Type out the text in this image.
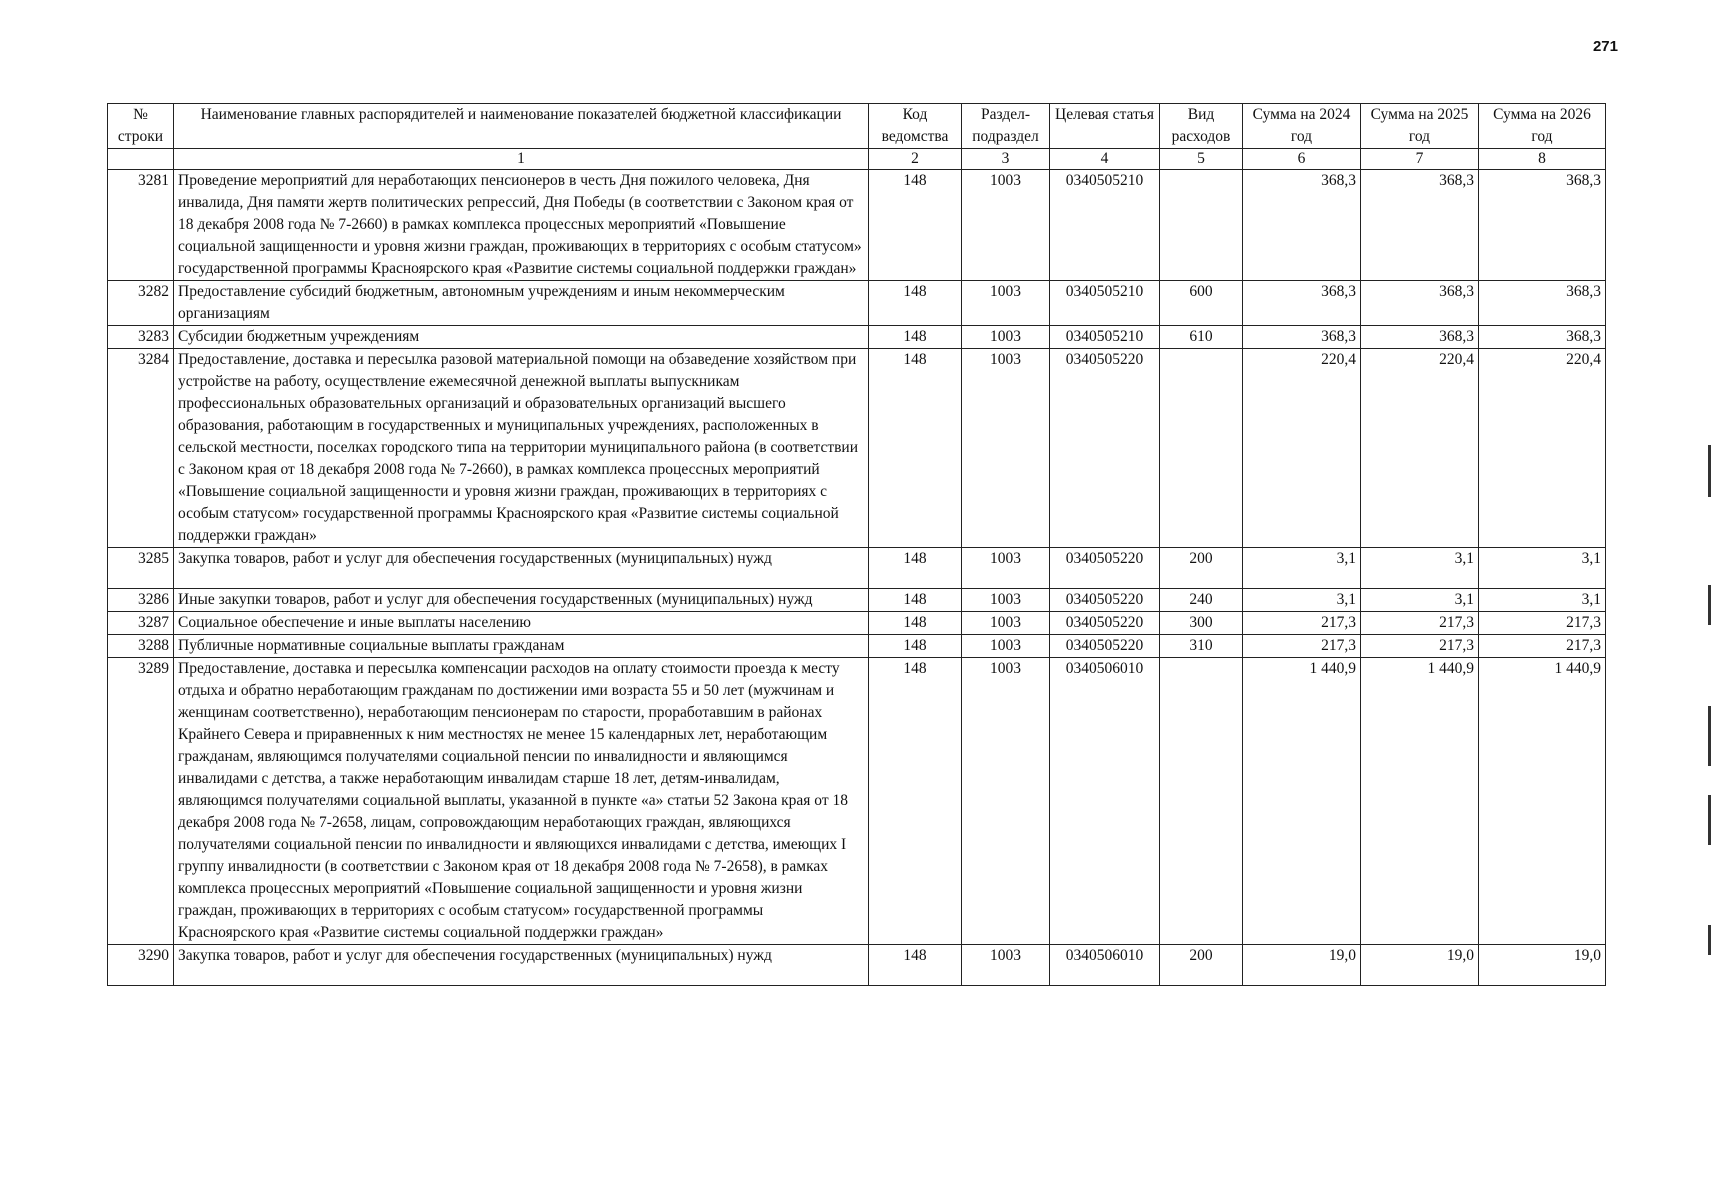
271
№ строки	Наименование главных распорядителей и наименование показателей бюджетной классификации	Код ведомства	Раздел-подраздел	Целевая статья	Вид расходов	Сумма на 2024 год	Сумма на 2025 год	Сумма на 2026 год
	1	2	3	4	5	6	7	8
3281	Проведение мероприятий для неработающих пенсионеров в честь Дня пожилого человека, Дня инвалида, Дня памяти жертв политических репрессий, Дня Победы (в соответствии с Законом края от 18 декабря 2008 года № 7-2660) в рамках комплекса процессных мероприятий «Повышение социальной защищенности и уровня жизни граждан, проживающих в территориях с особым статусом» государственной программы Красноярского края «Развитие системы социальной поддержки граждан»	148	1003	0340505210		368,3	368,3	368,3
3282	Предоставление субсидий бюджетным, автономным учреждениям и иным некоммерческим организациям	148	1003	0340505210	600	368,3	368,3	368,3
3283	Субсидии бюджетным учреждениям	148	1003	0340505210	610	368,3	368,3	368,3
3284	Предоставление, доставка и пересылка разовой материальной помощи на обзаведение хозяйством при устройстве на работу, осуществление ежемесячной денежной выплаты выпускникам профессиональных образовательных организаций и образовательных организаций высшего образования, работающим в государственных и муниципальных учреждениях, расположенных в сельской местности, поселках городского типа на территории муниципального района (в соответствии с Законом края от 18 декабря 2008 года № 7-2660), в рамках комплекса процессных мероприятий «Повышение социальной защищенности и уровня жизни граждан, проживающих в территориях с особым статусом» государственной программы Красноярского края «Развитие системы социальной поддержки граждан»	148	1003	0340505220		220,4	220,4	220,4
3285	Закупка товаров, работ и услуг для обеспечения государственных (муниципальных) нужд	148	1003	0340505220	200	3,1	3,1	3,1
3286	Иные закупки товаров, работ и услуг для обеспечения государственных (муниципальных) нужд	148	1003	0340505220	240	3,1	3,1	3,1
3287	Социальное обеспечение и иные выплаты населению	148	1003	0340505220	300	217,3	217,3	217,3
3288	Публичные нормативные социальные выплаты гражданам	148	1003	0340505220	310	217,3	217,3	217,3
3289	Предоставление, доставка и пересылка компенсации расходов на оплату стоимости проезда к месту отдыха и обратно неработающим гражданам по достижении ими возраста 55 и 50 лет (мужчинам и женщинам соответственно), неработающим пенсионерам по старости, проработавшим в районах Крайнего Севера и приравненных к ним местностях не менее 15 календарных лет, неработающим гражданам, являющимся получателями социальной пенсии по инвалидности и являющимся инвалидами с детства, а также неработающим инвалидам старше 18 лет, детям-инвалидам, являющимся получателями социальной выплаты, указанной в пункте «а» статьи 52 Закона края от 18 декабря 2008 года № 7-2658, лицам, сопровождающим неработающих граждан, являющихся получателями социальной пенсии по инвалидности и являющихся инвалидами с детства, имеющих I группу инвалидности (в соответствии с Законом края от 18 декабря 2008 года № 7-2658), в рамках комплекса процессных мероприятий «Повышение социальной защищенности и уровня жизни граждан, проживающих в территориях с особым статусом» государственной программы Красноярского края «Развитие системы социальной поддержки граждан»	148	1003	0340506010		1 440,9	1 440,9	1 440,9
3290	Закупка товаров, работ и услуг для обеспечения государственных (муниципальных) нужд	148	1003	0340506010	200	19,0	19,0	19,0
